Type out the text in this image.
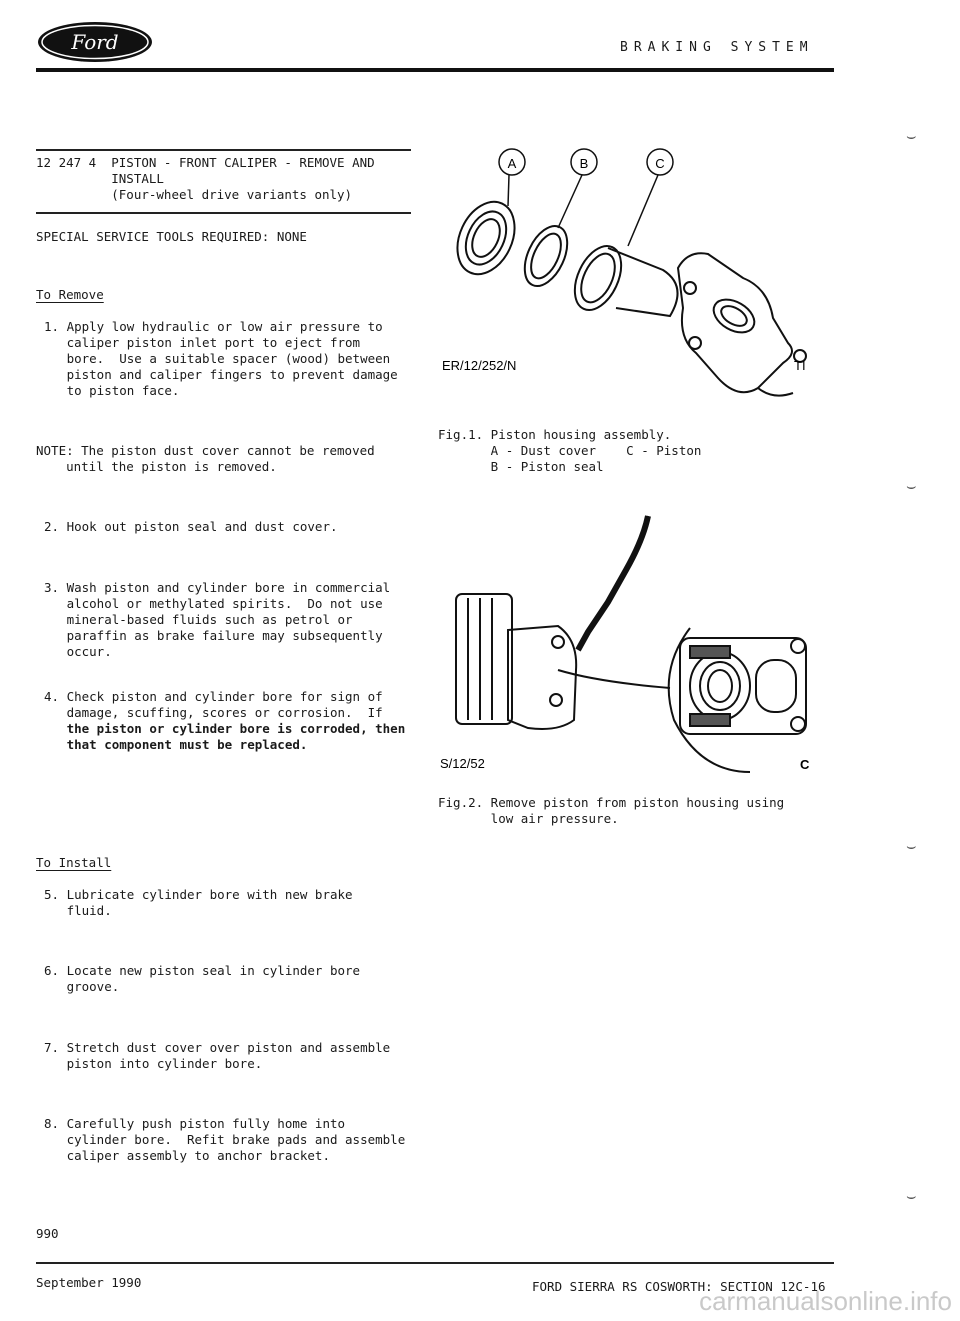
Ford	BRAKING SYSTEM
⌣
⌣
⌣
⌣
12 247 4  PISTON - FRONT CALIPER - REMOVE AND
INSTALL
(Four-wheel drive variants only)
SPECIAL SERVICE TOOLS REQUIRED: NONE
To Remove
1. Apply low hydraulic or low air pressure to
caliper piston inlet port to eject from
bore.  Use a suitable spacer (wood) between
piston and caliper fingers to prevent damage
to piston face.
NOTE: The piston dust cover cannot be removed
until the piston is removed.
2. Hook out piston seal and dust cover.
3. Wash piston and cylinder bore in commercial
alcohol or methylated spirits.  Do not use
mineral-based fluids such as petrol or
paraffin as brake failure may subsequently
occur.
4. Check piston and cylinder bore for sign of
damage, scuffing, scores or corrosion.  If
the piston or cylinder bore is corroded, then
that component must be replaced.
To Install
5. Lubricate cylinder bore with new brake
fluid.
6. Locate new piston seal in cylinder bore
groove.
7. Stretch dust cover over piston and assemble
piston into cylinder bore.
8. Carefully push piston fully home into
cylinder bore.  Refit brake pads and assemble
caliper assembly to anchor bracket.
A	B	C
ER/12/252/N	TI
Fig.1. Piston housing assembly.
A - Dust cover    C - Piston
B - Piston seal
S/12/52	C
Fig.2. Remove piston from piston housing using
low air pressure.
990
September 1990	FORD SIERRA RS COSWORTH: SECTION 12C-16
carmanualsonline.info
